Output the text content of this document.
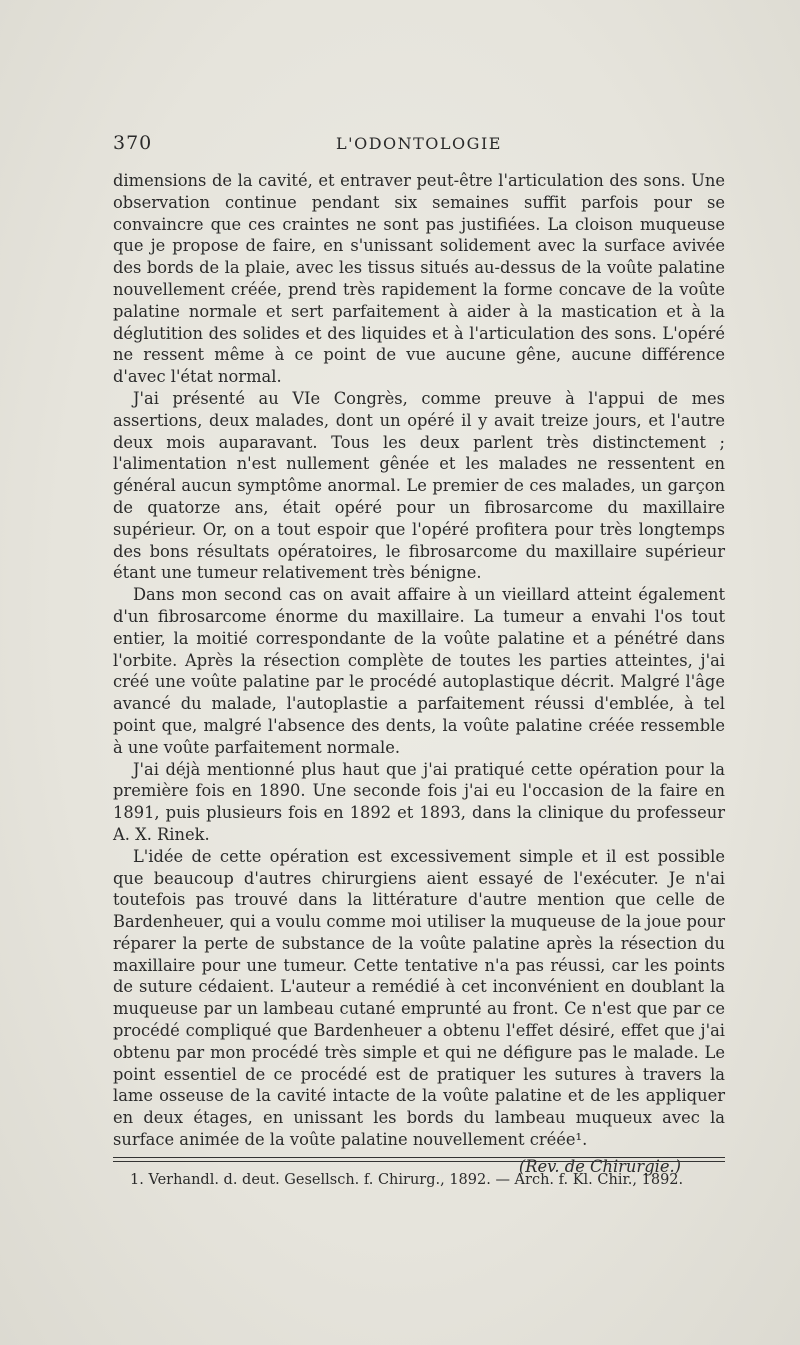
370	L'ODONTOLOGIE

dimensions de la cavité, et entraver peut-être l'articulation des sons. Une observation continue pendant six semaines suffit parfois pour se convaincre que ces craintes ne sont pas justifiées. La cloison muqueuse que je propose de faire, en s'unissant solidement avec la surface avivée des bords de la plaie, avec les tissus situés au-dessus de la voûte palatine nouvellement créée, prend très rapidement la forme concave de la voûte palatine normale et sert parfaitement à aider à la mastication et à la déglutition des solides et des liquides et à l'articulation des sons. L'opéré ne ressent même à ce point de vue aucune gêne, aucune différence d'avec l'état normal.

J'ai présenté au VIe Congrès, comme preuve à l'appui de mes assertions, deux malades, dont un opéré il y avait treize jours, et l'autre deux mois auparavant. Tous les deux parlent très distinctement ; l'alimentation n'est nullement gênée et les malades ne ressentent en général aucun symptôme anormal. Le premier de ces malades, un garçon de quatorze ans, était opéré pour un fibrosarcome du maxillaire supérieur. Or, on a tout espoir que l'opéré profitera pour très longtemps des bons résultats opératoires, le fibrosarcome du maxillaire supérieur étant une tumeur relativement très bénigne.

Dans mon second cas on avait affaire à un vieillard atteint également d'un fibrosarcome énorme du maxillaire. La tumeur a envahi l'os tout entier, la moitié correspondante de la voûte palatine et a pénétré dans l'orbite. Après la résection complète de toutes les parties atteintes, j'ai créé une voûte palatine par le procédé autoplastique décrit. Malgré l'âge avancé du malade, l'autoplastie a parfaitement réussi d'emblée, à tel point que, malgré l'absence des dents, la voûte palatine créée ressemble à une voûte parfaitement normale.

J'ai déjà mentionné plus haut que j'ai pratiqué cette opération pour la première fois en 1890. Une seconde fois j'ai eu l'occasion de la faire en 1891, puis plusieurs fois en 1892 et 1893, dans la clinique du professeur A. X. Rinek.

L'idée de cette opération est excessivement simple et il est possible que beaucoup d'autres chirurgiens aient essayé de l'exécuter. Je n'ai toutefois pas trouvé dans la littérature d'autre mention que celle de Bardenheuer, qui a voulu comme moi utiliser la muqueuse de la joue pour réparer la perte de substance de la voûte palatine après la résection du maxillaire pour une tumeur. Cette tentative n'a pas réussi, car les points de suture cédaient. L'auteur a remédié à cet inconvénient en doublant la muqueuse par un lambeau cutané emprunté au front. Ce n'est que par ce procédé compliqué que Bardenheuer a obtenu l'effet désiré, effet que j'ai obtenu par mon procédé très simple et qui ne défigure pas le malade. Le point essentiel de ce procédé est de pratiquer les sutures à travers la lame osseuse de la cavité intacte de la voûte palatine et de les appliquer en deux étages, en unissant les bords du lambeau muqueux avec la surface animée de la voûte palatine nouvellement créée¹.

(Rev. de Chirurgie.)
1. Verhandl. d. deut. Gesellsch. f. Chirurg., 1892. — Arch. f. Kl. Chir., 1892.
